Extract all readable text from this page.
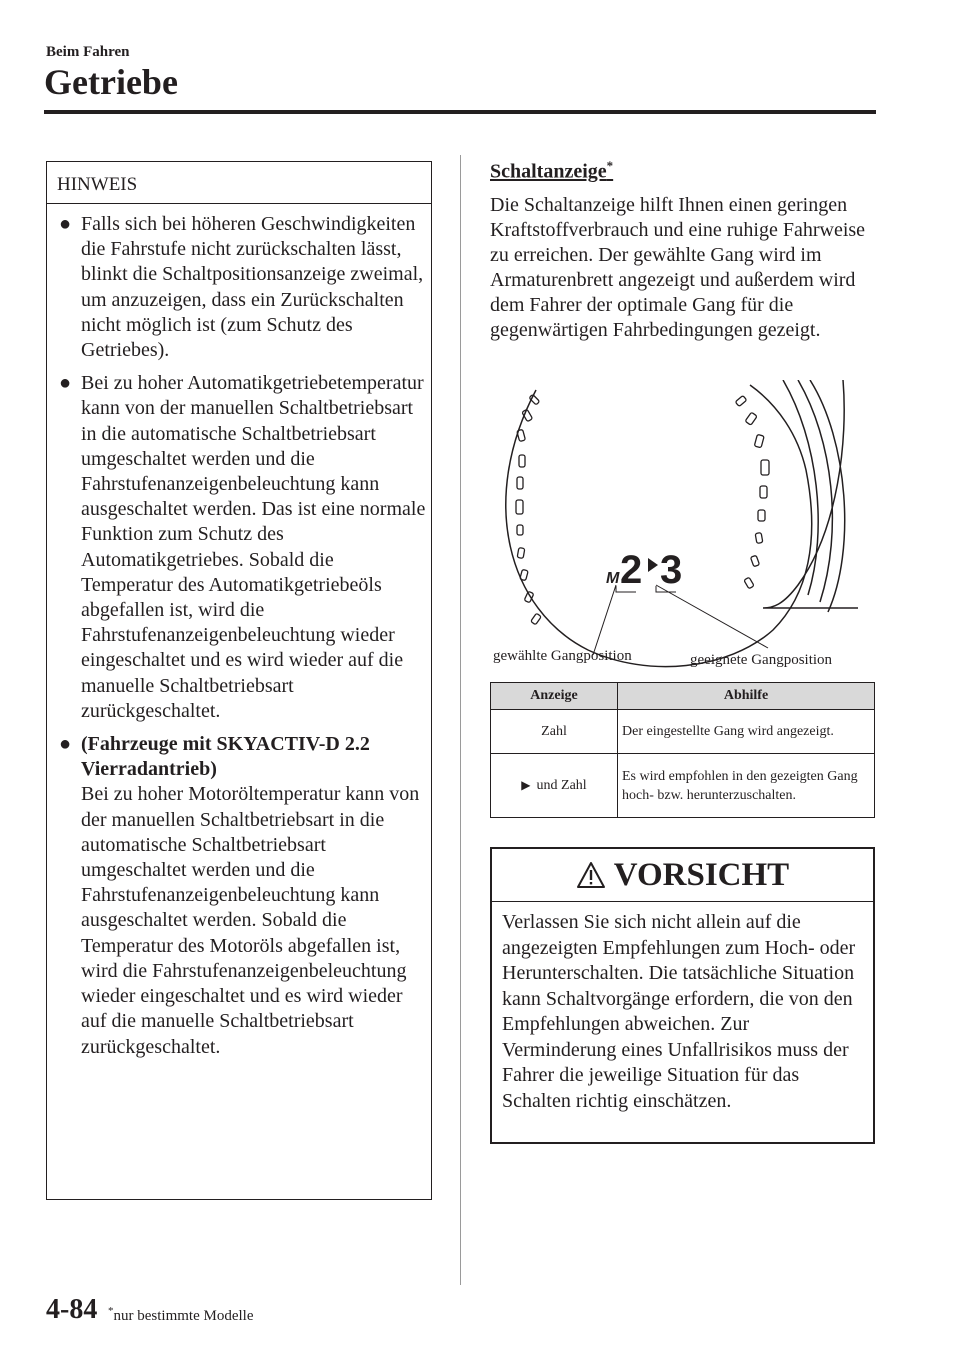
Beim Fahren
Getriebe
HINWEIS
● Falls sich bei höheren Geschwindigkeiten die Fahrstufe nicht zurückschalten lässt, blinkt die Schaltpositionsanzeige zweimal, um anzuzeigen, dass ein Zurückschalten nicht möglich ist (zum Schutz des Getriebes).
● Bei zu hoher Automatikgetriebetemperatur kann von der manuellen Schaltbetriebsart in die automatische Schaltbetriebsart umgeschaltet werden und die Fahrstufenanzeigenbeleuchtung kann ausgeschaltet werden. Das ist eine normale Funktion zum Schutz des Automatikgetriebes. Sobald die Temperatur des Automatikgetriebeöls abgefallen ist, wird die Fahrstufenanzeigenbeleuchtung wieder eingeschaltet und es wird wieder auf die manuelle Schaltbetriebsart zurückgeschaltet.
● (Fahrzeuge mit SKYACTIV-D 2.2 Vierradantrieb)
Bei zu hoher Motoröltemperatur kann von der manuellen Schaltbetriebsart in die automatische Schaltbetriebsart umgeschaltet werden und die Fahrstufenanzeigenbeleuchtung kann ausgeschaltet werden. Sobald die Temperatur des Motoröls abgefallen ist, wird die Fahrstufenanzeigenbeleuchtung wieder eingeschaltet und es wird wieder auf die manuelle Schaltbetriebsart zurückgeschaltet.
Schaltanzeige*
Die Schaltanzeige hilft Ihnen einen geringen Kraftstoffverbrauch und eine ruhige Fahrweise zu erreichen. Der gewählte Gang wird im Armaturenbrett angezeigt und außerdem wird dem Fahrer der optimale Gang für die gegenwärtigen Fahrbedingungen gezeigt.
M 2 3
gewählte Gangposition	geeignete Gangposition
Anzeige	Abhilfe
Zahl	Der eingestellte Gang wird angezeigt.
▶ und Zahl	Es wird empfohlen in den gezeigten Gang hoch- bzw. herunterzuschalten.
VORSICHT
Verlassen Sie sich nicht allein auf die angezeigten Empfehlungen zum Hoch- oder Herunterschalten. Die tatsächliche Situation kann Schaltvorgänge erfordern, die von den Empfehlungen abweichen. Zur Verminderung eines Unfallrisikos muss der Fahrer die jeweilige Situation für das Schalten richtig einschätzen.
4-84 *nur bestimmte Modelle
